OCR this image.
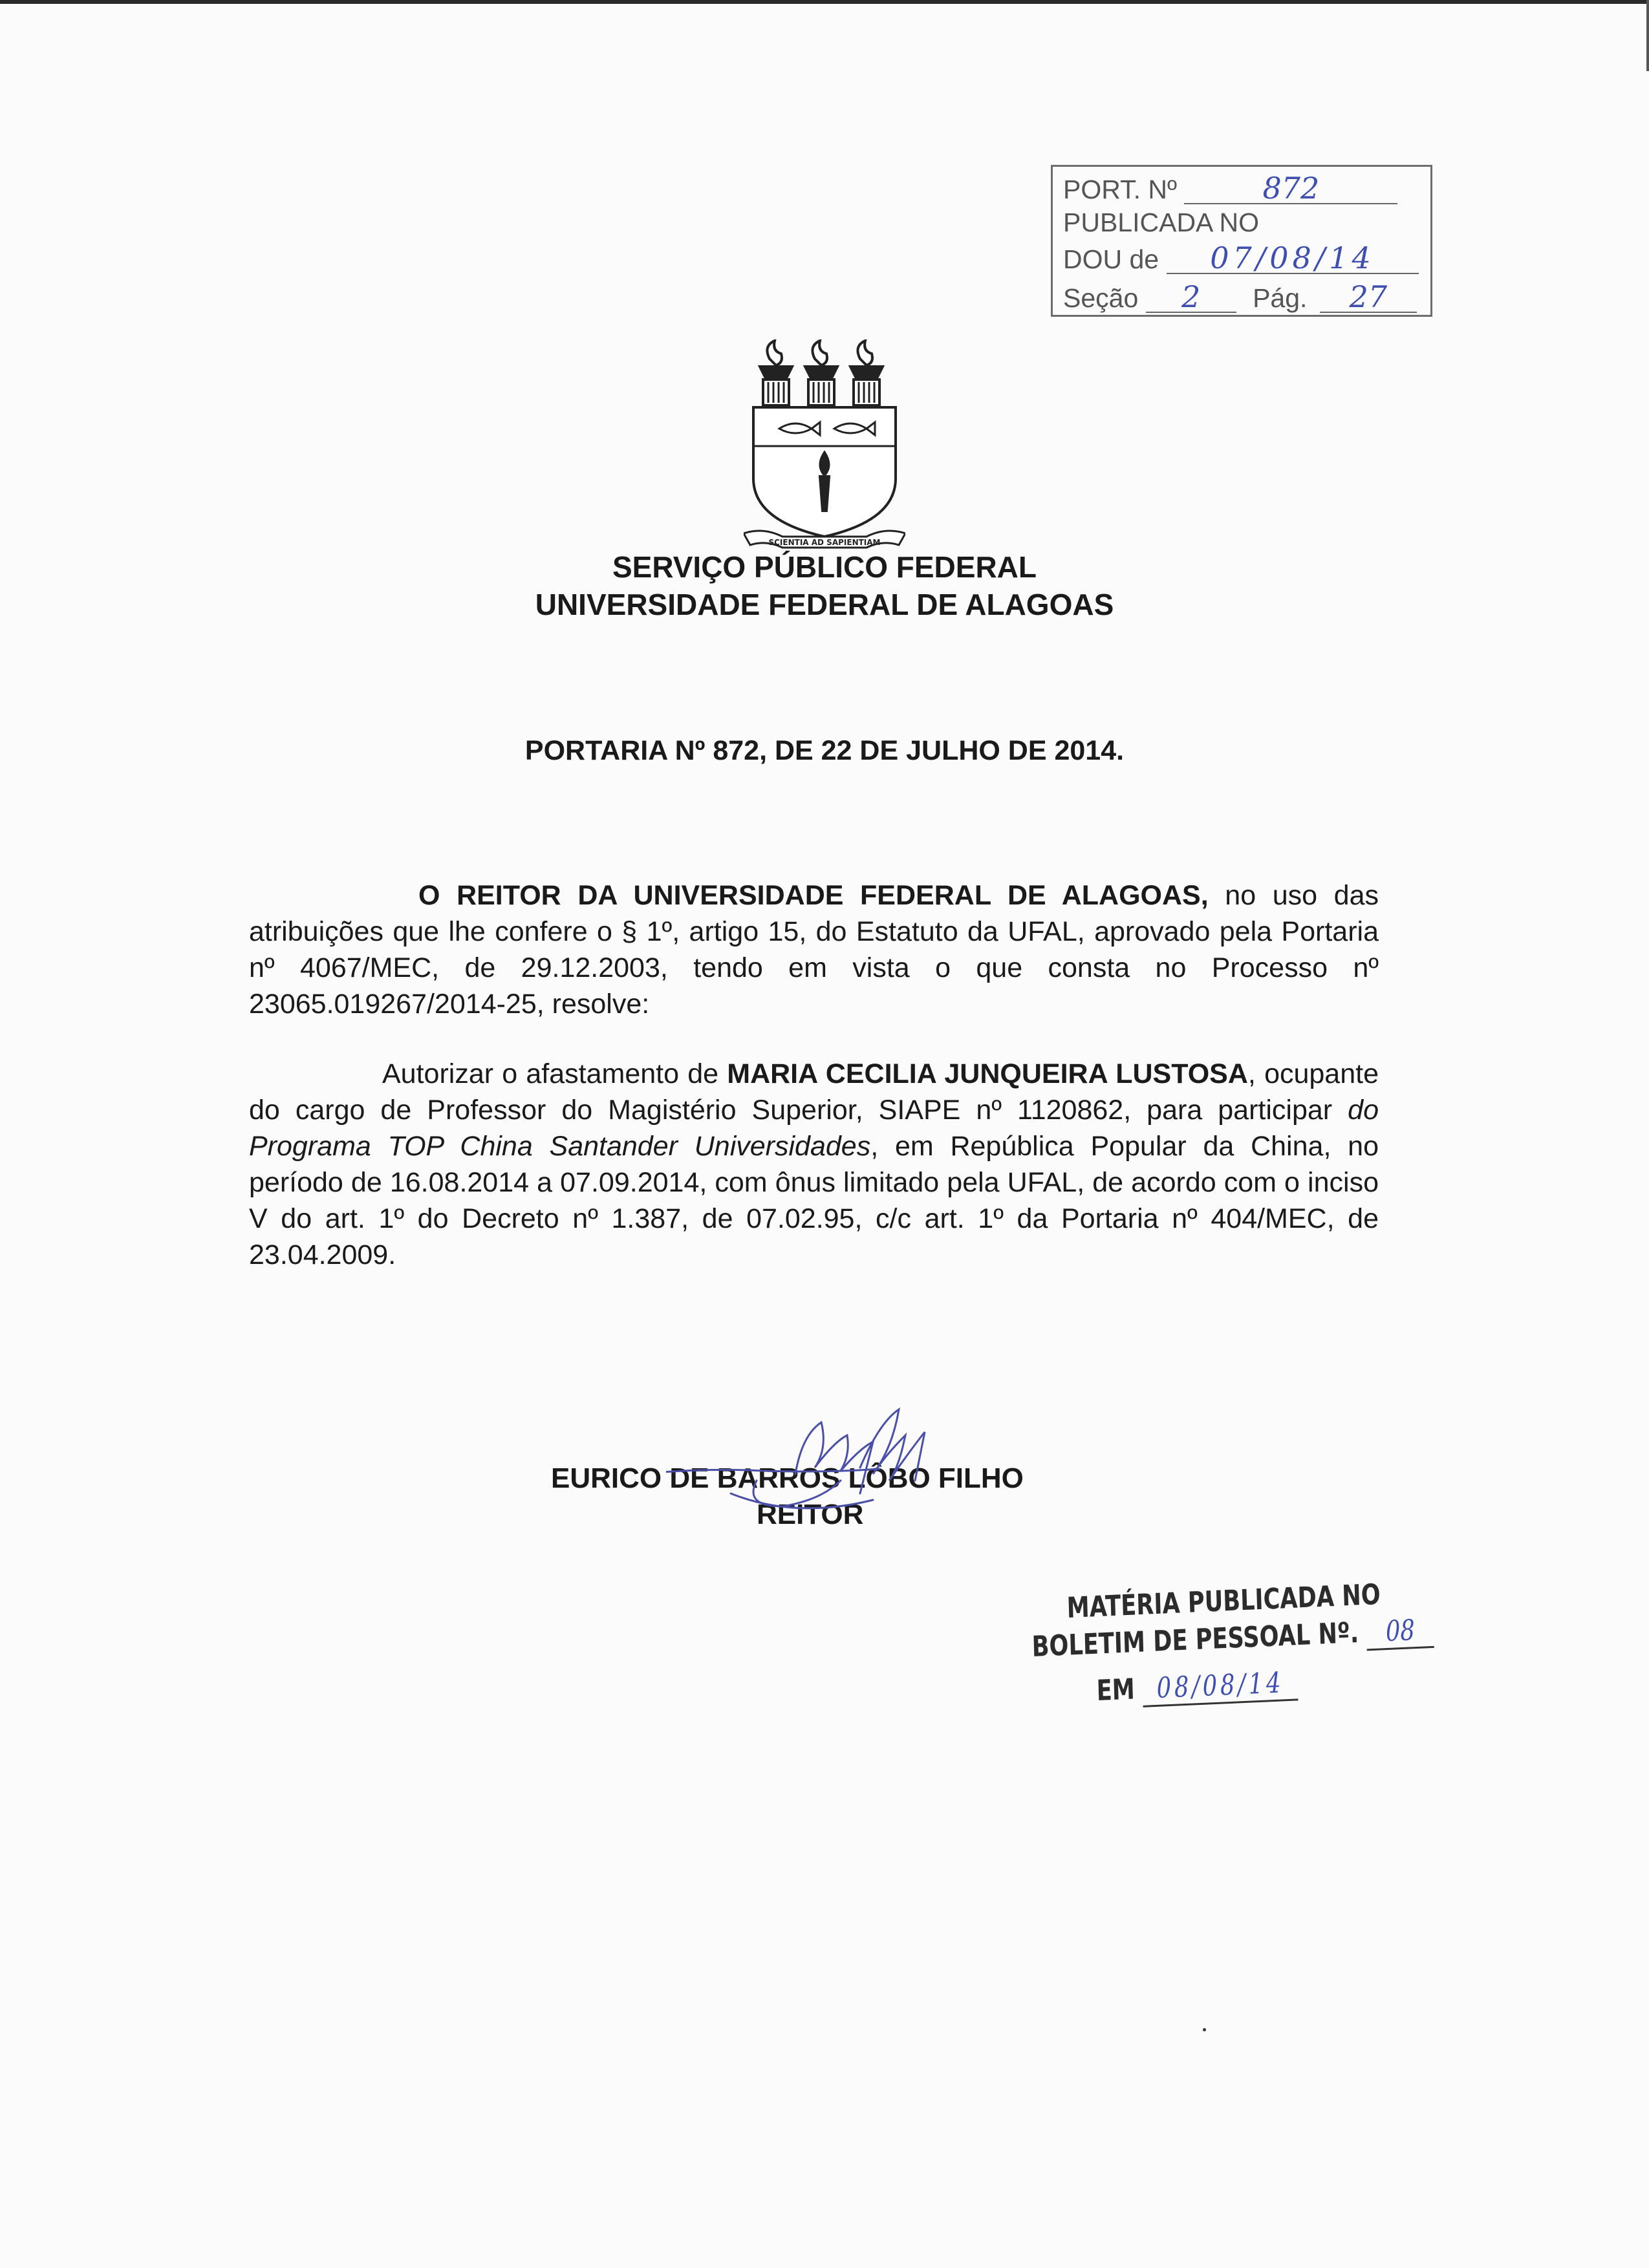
PORT. Nº	872
PUBLICADA NO
DOU de 07/08/14
Seção 2 Pág. 27
SCIENTIA AD SAPIENTIAM
SERVIÇO PÚBLICO FEDERAL
UNIVERSIDADE FEDERAL DE ALAGOAS
PORTARIA Nº 872, DE 22 DE JULHO DE 2014.
O REITOR DA UNIVERSIDADE FEDERAL DE ALAGOAS, no uso das atribuições que lhe confere o § 1º, artigo 15, do Estatuto da UFAL, aprovado pela Portaria nº 4067/MEC, de 29.12.2003, tendo em vista o que consta no Processo nº 23065.019267/2014-25, resolve:
Autorizar o afastamento de MARIA CECILIA JUNQUEIRA LUSTOSA, ocupante do cargo de Professor do Magistério Superior, SIAPE nº 1120862, para participar do Programa TOP China Santander Universidades, em República Popular da China, no período de 16.08.2014 a 07.09.2014, com ônus limitado pela UFAL, de acordo com o inciso V do art. 1º do Decreto nº 1.387, de 07.02.95, c/c art. 1º da Portaria nº 404/MEC, de 23.04.2009.
EURICO DE BARROS LÔBO FILHO
REITOR
MATÉRIA PUBLICADA NO
BOLETIM DE PESSOAL Nº. 08
EM 08/08/14
